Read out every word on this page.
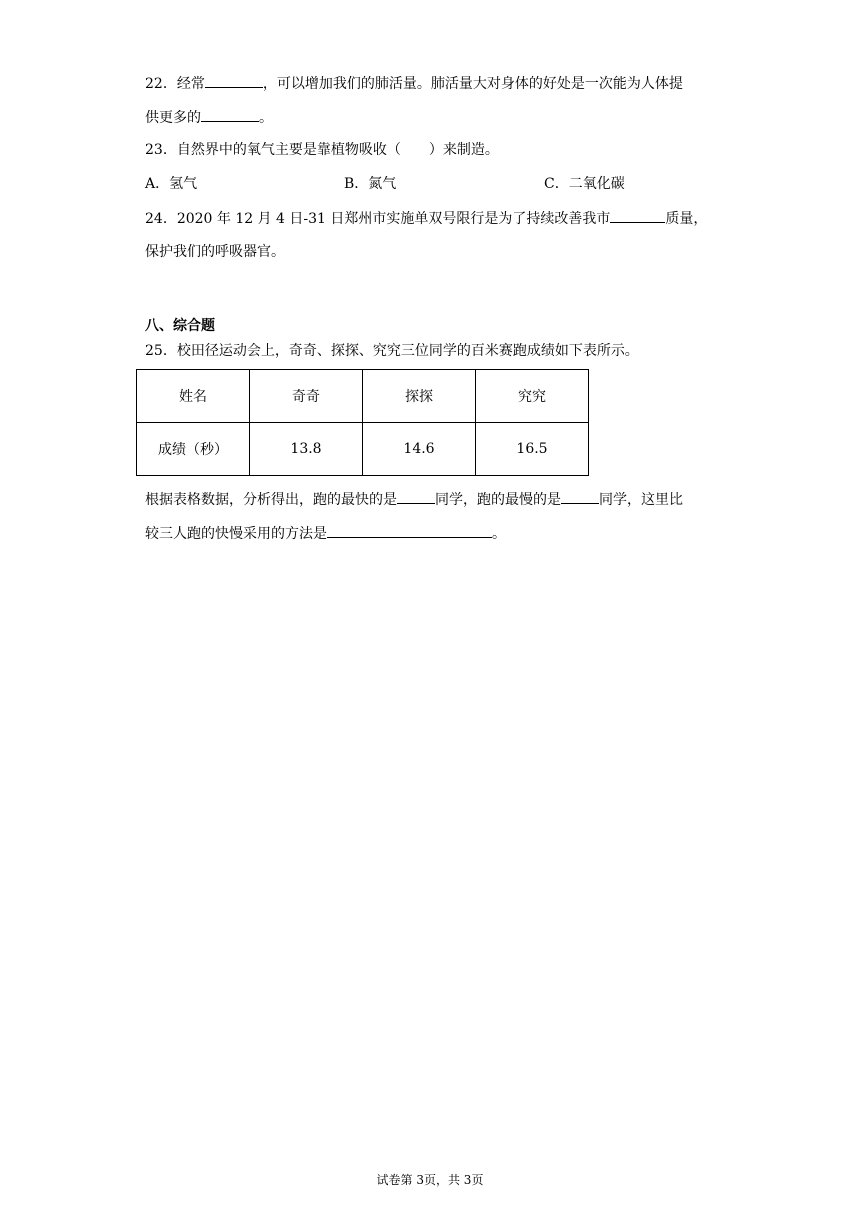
22．经常	，可以增加我们的肺活量。肺活量大对身体的好处是一次能为人体提
供更多的	。
23．自然界中的氧气主要是靠植物吸收（　　）来制造。
A．氢气	B．氮气	C．二氧化碳
24．2020 年 12 月 4 日-31 日郑州市实施单双号限行是为了持续改善我市	质量，
保护我们的呼吸器官。
八、综合题
25．校田径运动会上，奇奇、探探、究究三位同学的百米赛跑成绩如下表所示。
姓名	奇奇	探探	究究
成绩（秒）	13.8	14.6	16.5
根据表格数据，分析得出，跑的最快的是	同学，跑的最慢的是	同学，这里比
较三人跑的快慢采用的方法是	。
试卷第 3页，共 3页
